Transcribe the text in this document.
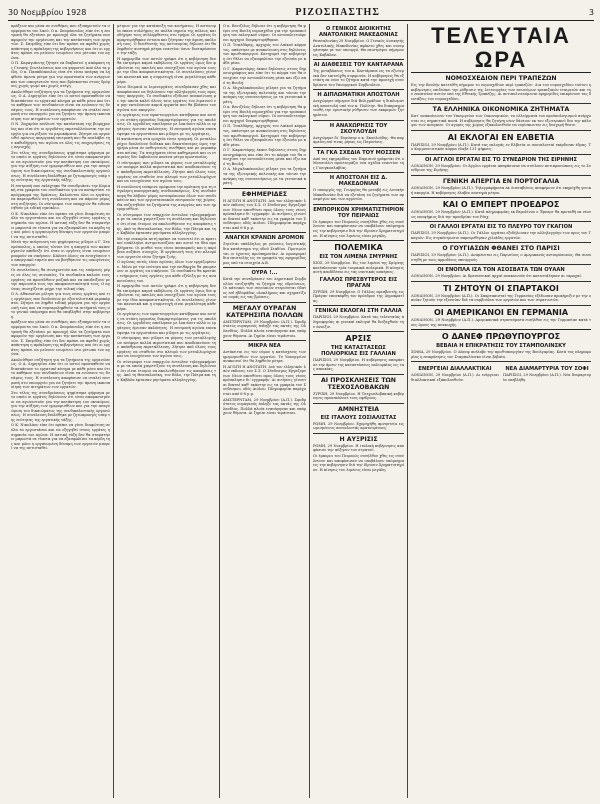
30 Νοεμβρίου 1928	ΡΙΖΟΣΠΑΣΤΗΣ	3

πράξεων και μέσα σε συνθήκες που εξυπηρετούν τα συμφέροντα του λαού. Ο κ. Σπυρόπουλος είπε ότι η επιτροπή θα εξετάσει με προσοχή όλα τα ζητήματα που αφορούν την οργάνωση και την κατάσταση των εργατών. Σ. Σπυρίδης είπε ότι δεν πρέπει να αφεθεί χωρίς απάντηση η πρόκληση της κυβερνήσεως και ότι οι εργάτες πρέπει να μείνουν ενωμένοι στο μέτωπο του αγώνα.

Ο Π. Καραγιάννης ζήτησε να διαβαστεί η απόφαση της Γενικής Συνελεύσεως και να ψηφιστεί από όλα τα μέλη. Ο κ. Παπαδόπουλος είπε ότι είναι ανάγκη να ληφθούν άμεσα μέτρα για την προστασία των ανέργων και των οικογενειών τους που βρίσκονται στους δρόμους χωρίς ψωμί και χωρίς στέγη.

Ακολούθησε συζήτηση για τα ζητήματα της οργανώσεως. Ο Α. Δημητρίου είπε ότι οι αστοί προσπαθούν να διασπάσουν το εργατικό κίνημα με κάθε μέσο και ότι το καθήκον των συνδικάτων είναι να ενώσουν τις δυνάμεις τους. Η συνέλευση αποφάσισε να σταλεί επιτροπή στο υπουργείο για να ζητήσει την άμεση ικανοποίηση των αιτημάτων των εργατών.

Ο Ν. Ζαχαρίου ανέλυσε την κατάσταση της βιομηχανίας και είπε ότι οι εργοδότες εκμεταλλεύονται την ανεργία για να ρίξουν τα μεροκάματα. Ζήτησε να οργανωθεί αμέσως απεργιακή επιτροπή που θα αναλάβει την καθοδήγηση του αγώνα σε όλες τις επιχειρήσεις της περιοχής.

Στο τέλος της συνεδριάσεως ψηφίστηκε ψήφισμα με το οποίο οι εργάτες δηλώνουν ότι είναι αποφασισμένοι να αγωνιστούν για την κατάκτηση του οκταώρου, για την αύξηση των ημερομισθίων και για την αναγνώριση του δικαιώματος της συνδικαλιστικής οργανώσεως. Η συνέλευση διαλύθηκε με ζητωκραυγές υπέρ της ενότητας της εργατικής τάξης.

Η επιτροπή που εκλέχτηκε θα συνεδριάσει την Κυριακή στα γραφεία του συνδικάτου για να καταρτίσει το πρόγραμμα της δράσεως. Καλούνται όλοι οι εργάτες να παρευρεθούν στη συνέλευση και να πάρουν μέρος στη συζήτηση. Οι σύντροφοι των επαρχιών θα ειδοποιηθούν με ειδική εγκύκλιο.

Ο Κ. Νικολάου είπε ότι πρέπει να γίνει διαφώτιση σε όλα τα εργοστάσια και να εξηγηθεί στους εργάτες η σημασία του αγώνα. Η αστική τάξη δεν θα σταματήσει μπροστά σε τίποτα για να εξασφαλίσει τα κέρδη της και μόνο η οργανωμένη δύναμη των εργατών μπορεί να της αντισταθεί.

Μετά την ανάγνωση του ψηφίσματος μίλησε ο Γ. Σταυρόπουλος, ο οποίος τόνισε ότι η απεργία των καπνεργατών απέδειξε ότι όταν οι εργάτες είναι ενωμένοι μπορούν να νικήσουν. Κάλεσε όλους να ενισχύσουν το απεργιακό ταμείο και να βοηθήσουν τις οικογένειες των απεργών.

Οι συνελεύσεις θα συνεχιστούν και τις επόμενες μέρες σε όλες τις συνοικίες. Τα συνδικάτα καλούν τους εργάτες να προσέλθουν μαζικά και να αποδείξουν με την παρουσία τους την αποφασιστικότητά τους. Ο αγώνας συνεχίζεται μέχρι την τελική νίκη.

Ο Δ. Αθανασίου μίλησε για τους νέους εργάτες και τις εργάτριες που δουλεύουν με εξευτελιστικά μεροκάματα. Ζήτησε να ληφθεί ειδική μέριμνα για την οργάνωσή τους και να συμπεριληφθούν τα αιτήματά τους στο γενικό υπόμνημα που θα υποβληθεί στην κυβέρνηση.

πράξεων και μέσα σε συνθήκες που εξυπηρετούν τα συμφέροντα του λαού. Ο κ. Σπυρόπουλος είπε ότι η επιτροπή θα εξετάσει με προσοχή όλα τα ζητήματα που αφορούν την οργάνωση και την κατάσταση των εργατών. Σ. Σπυρίδης είπε ότι δεν πρέπει να αφεθεί χωρίς απάντηση η πρόκληση της κυβερνήσεως και ότι οι εργάτες πρέπει να μείνουν ενωμένοι στο μέτωπο του αγώνα.

Ακολούθησε συζήτηση για τα ζητήματα της οργανώσεως. Ο Α. Δημητρίου είπε ότι οι αστοί προσπαθούν να διασπάσουν το εργατικό κίνημα με κάθε μέσο και ότι το καθήκον των συνδικάτων είναι να ενώσουν τις δυνάμεις τους. Η συνέλευση αποφάσισε να σταλεί επιτροπή στο υπουργείο για να ζητήσει την άμεση ικανοποίηση των αιτημάτων των εργατών.

Στο τέλος της συνεδριάσεως ψηφίστηκε ψήφισμα με το οποίο οι εργάτες δηλώνουν ότι είναι αποφασισμένοι να αγωνιστούν για την κατάκτηση του οκταώρου, για την αύξηση των ημερομισθίων και για την αναγνώριση του δικαιώματος της συνδικαλιστικής οργανώσεως. Η συνέλευση διαλύθηκε με ζητωκραυγές υπέρ της ενότητας της εργατικής τάξης.

Ο Κ. Νικολάου είπε ότι πρέπει να γίνει διαφώτιση σε όλα τα εργοστάσια και να εξηγηθεί στους εργάτες η σημασία του αγώνα. Η αστική τάξη δεν θα σταματήσει μπροστά σε τίποτα για να εξασφαλίσει τα κέρδη της και μόνο η οργανωμένη δύναμη των εργατών μπορεί να της αντισταθεί.

μέτρων για την κατάπνιξη του κινήματος. Η αστυνομία έκανε συλλήψεις σε πολλά σημεία της πόλεως και οδήγησε τους συλληφθέντες στο τμήμα. Οι εργάτες διαμαρτυρήθηκαν έντονα και ζήτησαν την άμεση απόλυσή τους. Ο διευθυντής της αστυνομίας δήλωσε ότι θα ληφθούν αυστηρά μέτρα εναντίον όσων διαταράσσουν την τάξη.

Η εφημερίδα των αστών γράφει ότι η κυβέρνηση δεν θα επιτρέψει καμιά εκδήλωση. Οι εργάτες όμως δεν φοβούνται τις απειλές και συνεχίζουν τον αγώνα τους με την ίδια αποφασιστικότητα. Οι συνελεύσεις γίνονται κανονικά και η συμμετοχή είναι μεγαλύτερη κάθε μέρα.

Στον Πειραιά οι λιμενεργάτες συνεδρίασαν χθες και αποφάσισαν να δηλώσουν την αλληλεγγύη τους προς τους απεργούς. Το συνδικάτο εξέδωσε ανακοίνωση με την οποία καλεί όλους τους εργάτες του λιμανιού να μην εκτελέσουν καμιά εργασία που θα βλάπτει τον αγώνα των απεργών.

Οι εργάτριες των υφαντουργείων κατέβηκαν και αυτές σε στάση εργασίας διαμαρτυρόμενες για τις απολύσεις. Οι εργοδότες απείλησαν με λοκ-άουτ αλλά οι εργάτριες έμειναν ακλόνητες. Η επιτροπή αγώνα επισκέφτηκε τα εργοστάσια και μίλησε με τις εργάτριες.

Η κατάσταση στα ορυχεία είναι τραγική. Οι μεταλλωρύχοι δουλεύουν δώδεκα και δεκατέσσερες ώρες την ημέρα μέσα σε ανθυγιεινές συνθήκες και με μεροκάματα πείνας. Τα ατυχήματα είναι καθημερινά και οι εταιρείες δεν λαβαίνουν κανένα μέτρο προστασίας.

Ο σύντροφος που μίλησε εκ μέρους των μεταλλωρύχων ανέφερε πολλά περιστατικά που αποδεικνύουν την απάνθρωπη εκμετάλλευση. Ζήτησε από όλους τους εργάτες να σταθούν στο πλευρό των μεταλλωρύχων και να ενισχύσουν τον αγώνα τους.

Η συνέλευση ενέκρινε ομόφωνα την πρόταση για τη σύγκληση πανεργατικής συνδιασκέψεως. Στη συνδιάσκεψη θα λάβουν μέρος αντιπρόσωποι όλων των συνδικάτων και των εργοστασιακών επιτροπών της χώρας. Θα συζητηθούν τα ζητήματα της ανεργίας και των ημερομισθίων.

Οι σύντροφοι των επαρχιών έστειλαν τηλεγραφήματα με τα οποία χαιρετίζουν τη συνέλευση και δηλώνουν ότι είναι έτοιμοι να ακολουθήσουν τις αποφάσεις της. Από τη Θεσσαλονίκη, τον Βόλο, την Πάτρα και την Καβάλα έφτασαν μηνύματα αλληλεγγύης.

Με την ευκαιρία αυτή πρέπει να τονιστεί ότι οι κρατικοί υπάλληλοι αντιμετωπίζουν και αυτοί τα ίδια προβλήματα. Οι μισθοί τους είναι ανεπαρκείς και η ακρίβεια αυξάνει συνεχώς. Η οργάνωσή τους στο πλευρό των εργατών είναι ζήτημα ζωής.

Ο αγώνας αυτός είναι αγώνας όλων των εργαζομένων. Μόνο με την ενότητα και την πειθαρχία θα μπορέσουν οι εργάτες να νικήσουν. Το συνδικάτο θα κρατάει ενήμερους τους εργάτες για κάθε εξέλιξη με τις ανακοινώσεις του.

Η εφημερίδα των αστών γράφει ότι η κυβέρνηση δεν θα επιτρέψει καμιά εκδήλωση. Οι εργάτες όμως δεν φοβούνται τις απειλές και συνεχίζουν τον αγώνα τους με την ίδια αποφασιστικότητα. Οι συνελεύσεις γίνονται κανονικά και η συμμετοχή είναι μεγαλύτερη κάθε μέρα.

Οι εργάτριες των υφαντουργείων κατέβηκαν και αυτές σε στάση εργασίας διαμαρτυρόμενες για τις απολύσεις. Οι εργοδότες απείλησαν με λοκ-άουτ αλλά οι εργάτριες έμειναν ακλόνητες. Η επιτροπή αγώνα επισκέφτηκε τα εργοστάσια και μίλησε με τις εργάτριες.

Ο σύντροφος που μίλησε εκ μέρους των μεταλλωρύχων ανέφερε πολλά περιστατικά που αποδεικνύουν την απάνθρωπη εκμετάλλευση. Ζήτησε από όλους τους εργάτες να σταθούν στο πλευρό των μεταλλωρύχων και να ενισχύσουν τον αγώνα τους.

Οι σύντροφοι των επαρχιών έστειλαν τηλεγραφήματα με τα οποία χαιρετίζουν τη συνέλευση και δηλώνουν ότι είναι έτοιμοι να ακολουθήσουν τις αποφάσεις της. Από τη Θεσσαλονίκη, τον Βόλο, την Πάτρα και την Καβάλα έφτασαν μηνύματα αλληλεγγύης.

Ο κ. Βενιζέλος δήλωσε ότι η κυβέρνηση θα φέρει στη Βουλή νομοσχέδιο για την τροποποίηση του εκλογικού νόμου. Οι αντιπολιτευόμενοι αρχηγοί διαμαρτυρήθηκαν.

Ο Π. Τσαλδάρης, αρχηγός του Λαϊκού κόμματος, απάντησε με ανακοίνωση στις δηλώσεις του πρωθυπουργού. Κατηγορεί την κυβέρνηση ότι θέλει να εξασφαλίσει την εξουσία με κάθε μέσο.

Ο Γ. Καφαντάρης έκανε δηλώσεις στους δημοσιογράφους και είπε ότι το κόμμα του θα συνεχίσει την αντιπολίτευση μέσα και έξω από τη Βουλή.

Ο Α. Μιχαλακόπουλος μίλησε για τα ζητήματα της εξωτερικής πολιτικής και τόνισε την ανάγκη της συνεννοήσεως με τα γειτονικά κράτη.

Ο κ. Βενιζέλος δήλωσε ότι η κυβέρνηση θα φέρει στη Βουλή νομοσχέδιο για την τροποποίηση του εκλογικού νόμου. Οι αντιπολιτευόμενοι αρχηγοί διαμαρτυρήθηκαν.

Ο Π. Τσαλδάρης, αρχηγός του Λαϊκού κόμματος, απάντησε με ανακοίνωση στις δηλώσεις του πρωθυπουργού. Κατηγορεί την κυβέρνηση ότι θέλει να εξασφαλίσει την εξουσία με κάθε μέσο.

Ο Γ. Καφαντάρης έκανε δηλώσεις στους δημοσιογράφους και είπε ότι το κόμμα του θα συνεχίσει την αντιπολίτευση μέσα και έξω από τη Βουλή.

Ο Α. Μιχαλακόπουλος μίλησε για τα ζητήματα της εξωτερικής πολιτικής και τόνισε την ανάγκη της συνεννοήσεως με τα γειτονικά κράτη.

ΕΦΗΜΕΡΙΔΕΣ

Η ΑΓΩΓΗ Η ΑΝΟΤΑΤΗ. Διά τον ελληνικόν λαόν έκδοσις του Σ.Σ. Ο Σύνδεσμος Εργαζομένων Νέων απευθύνει προς όλους τους νέους πρόσκλησιν δι' εγγραφήν. Αι αιτήσεις γίνονται δεκταί καθ' εκάστην εις τα γραφεία του Συνδέσμου, οδός Αιόλου. Πληροφορίαι παρέχονται από 6-8 μ.μ.

ΑΝΑΓΚΗ ΚΡΑΝΩΝ ΔΡΟΜΟΝ

Ζητείται υπάλληλος με γνώσεις λογιστικής δια κατάστημα της οδού Σταδίου. Προτιμώνται οι έχοντες προϋπηρεσίαν. Αι προσφοραί δια επιστολής εις τα γραφεία της εφημερίδος μας υπό τα στοιχεία Α.Β.

ΟΥΡΑ !...

Κατά την συνεδρίασιν του Δημοτικού Συμβουλίου εσυζητήθη το ζήτημα της υδρεύσεως. Οι κάτοικοι των συνοικιών στερούνται ύδατος επί εβδομάδας ολοκλήρους και σχηματίζουν ουράς εις τας βρύσεις.

ΜΕΓΑΛΥ ΟΥΡΑΓΑΝ ΚΑΤΕΡΗΣΙΠΑ ΠΟΛΛΩΝ

ΑΜΣΤΕΡΝΤΑΜ, 29 Νοεμβρίου (Α.Π.). Σφοδρότατος ουραγανός έπληξε τας ακτάς της Ολλανδίας. Πολλά πλοία εναυάγησαν και υπάρχουν θύματα. Αι ζημίαι είναι τεράστιαι.

ΜΙΚΡΑ ΝΕΑ

Αντίκειται εις τον νόμον η κατάσχεσις των ημερομισθίων των εργατών. Το Υπουργείον ανακοινοί ότι θα ληφθούν μέτρα.

Η ΑΓΩΓΗ Η ΑΝΟΤΑΤΗ. Διά τον ελληνικόν λαόν έκδοσις του Σ.Σ. Ο Σύνδεσμος Εργαζομένων Νέων απευθύνει προς όλους τους νέους πρόσκλησιν δι' εγγραφήν. Αι αιτήσεις γίνονται δεκταί καθ' εκάστην εις τα γραφεία του Συνδέσμου, οδός Αιόλου. Πληροφορίαι παρέχονται από 6-8 μ.μ.

ΑΜΣΤΕΡΝΤΑΜ, 29 Νοεμβρίου (Α.Π.). Σφοδρότατος ουραγανός έπληξε τας ακτάς της Ολλανδίας. Πολλά πλοία εναυάγησαν και υπάρχουν θύματα. Αι ζημίαι είναι τεράστιαι.

Ο ΓΕΝΙΚΟΣ ΔΙΟΙΚΗΤΗΣ ΑΝΑΤΟΛΙΚΗΣ ΜΑΚΕΔΟΝΙΑΣ

Θεσσαλονίκη 29 Νοεμβρίου. Ο Γενικός Διοικητής Ανατολικής Μακεδονίας αφίκετο χθες και συνεργάστηκε με τον υπουργό. Θα επιστρέψει σήμερον εις Καβάλαν.

ΑΙ ΔΙΑΘΕΣΕΙΣ ΤΟΥ ΚΑΝΤΑΡΑΝΑ

Της μεταβάσεως του κ. Καντάρανα εις τα εξωτερικά δεν επιτεύχθη συμφωνία. Η κυβέρνησις θα εξετάση εκ νέου το ζήτημα κατά την προσεχή συνεδρίασιν του Υπουργικού Συμβουλίου.

Η ΔΙΠΛΩΜΑΤΙΚΗ ΑΠΟΣΤΟΛΗ

Ανεχώρησε σήμερον διά Βελιγράδιον η διπλωματική αποστολή υπό τον κ. Πολίτην. Θα διαπραγματευθή την οριστικήν ρύθμισιν των εκκρεμών ζητημάτων.

Η ΑΝΑΧΩΡΗΣΙΣ ΤΟΥ ΣΚΟΥΛΟΥΔΗ

Ανεχώρησε δι' Ευρώπην ο κ. Σκουλούδης. Θα παραμείνη επί τινας μήνας εις Παρισίους.

ΤΑ ΓΚΑ ΣΧΕΔΙΑ ΤΟΥ ΜΟΣΣΕΝ

Από τας εφημερίδας του Παρισιού γράφεται ότι ο Μουσολίνι προετοιμάζει νέα σχέδια εναντίον της Γιουγκοσλαβίας.

Η ΑΠΟΣΤΟΛΗ ΕΙΣ Δ. ΜΑΚΕΔΟΝΙΑΝ

Ο υπουργός της Γεωργίας θα μεταβή εις Δυτικήν Μακεδονίαν διά να εξετάση τα ζητήματα των προσφύγων και των αγροτών.

ΕΜΠΟΡΙΚΟΝ ΧΡΗΜΑΤΙΣΤΗΡΙΟΝ ΤΟΥ ΠΕΙΡΑΙΩΣ

Οι έμποροι του Πειραιώς συνήλθον χθες εις συνέλευσιν και απεφάσισαν να υποβάλουν υπόμνημα εις την κυβέρνησιν διά την ίδρυσιν Χρηματιστηρίου. Η κίνησις του λιμένος είναι μεγάλη.

ΠΟΛΕΜΙΚΑ
ΕΙΣ ΤΟΝ ΛΙΜΕΝΑ ΣΜΥΡΝΗΣ

ΧΙΟΣ, 29 Νοεμβρίου. Εις τον λιμένα της Σμύρνης κατέπλευσαν τρία τουρκικά πολεμικά. Η κίνησις αυτή αποδίδεται εις τας ναυτικάς ασκήσεις.

ΓΑΛΛΟΣ ΠΡΕΣΒΥΤΕΡΟΣ ΕΙΣ ΠΡΑΓΑΝ

ΖΥΡΙΧΗ, 29 Νοεμβρίου. Ο Γάλλος πρεσβευτής εις Πράγαν επεσκέφθη τον πρόεδρον της Δημοκρατίας.

ΓΕΝΙΚΑΙ ΕΚΛΟΓΑΙ ΣΤΗ ΓΑΛΛΙΑ

ΠΑΡΙΣΙΟΙ, 29 Νοεμβρίου. Κατά τας τελευταίας πληροφορίας αι γενικαί εκλογαί θα διεξαχθούν την άνοιξιν.

ΑΡΣΙΣ
ΤΗΣ ΚΑΤΑΣΤΑΣΕΩΣ ΠΟΛΙΟΡΚΙΑΣ ΕΙΣ ΓΑΛΛΙΑΝ

ΠΑΡΙΣΙΟΙ, 29 Νοεμβρίου. Η κυβέρνησις απεφάσισε την άρσιν της καταστάσεως πολιορκίας εις τας αποικίας.

ΑΙ ΠΡΟΣΚΛΗΣΕΙΣ ΤΩΝ ΤΣΕΧΟΣΛΟΒΑΚΩΝ

ΖΥΡΙΧΗ, 29 Νοεμβρίου. Η Τσεχοσλοβακική κυβέρνησις προσεκάλεσε τους εφέδρους.

ΑΜΝΗΣΤΕΙΑ
ΕΙΣ ΙΤΑΛΟΥΣ ΣΟΣΙΑΛΙΣΤΑΣ

ΡΩΜΗ, 29 Νοεμβρίου. Εχορηγήθη αμνηστεία εις ωρισμένους σοσιαλιστάς κρατουμένους.

Η ΑΥΞΡΙΣΙΣ

ΡΩΜΗ, 29 Νοεμβρίου. Η ιταλική κυβέρνησις αποφάσισε την αύξησιν του στρατού.

Οι έμποροι του Πειραιώς συνήλθον χθες εις συνέλευσιν και απεφάσισαν να υποβάλουν υπόμνημα εις την κυβέρνησιν διά την ίδρυσιν Χρηματιστηρίου. Η κίνησις του λιμένος είναι μεγάλη.

ΤΕΛΕΥΤΑΙΑ ΩΡΑ
ΝΟΜΟΣΧΕΔΙΟΝ ΠΕΡΙ ΤΡΑΠΕΖΩΝ

Εις την Βουλήν κατετέθη σήμερον το νομοσχέδιον περί τραπεζών. Δια του νομοσχεδίου τούτου η κυβέρνησις επιδιώκει την ρύθμισιν της λειτουργίας των ανωνύμων τραπεζικών εταιρειών και την εποπτείαν αυτών υπό της Εθνικής Τραπέζης. Αι αντιπολιτευόμεναι εφημερίδες επικρίνουν τας διατάξεις του νομοσχεδίου.

ΤΑ ΕΛΛΗΝΙΚΑ ΟΙΚΟΝΟΜΙΚΑ ΖΗΤΗΜΑΤΑ

Κατ' ανακοίνωσιν του Υπουργείου των Οικονομικών, τα ελλείμματα του προϋπολογισμού ανέρχονται εις σημαντικά ποσά. Η κυβέρνησις θα ζητήση νέον δάνειον εκ του εξωτερικού δια την κάλυψιν των αναγκών. Οι αγορές της χώρας εξακολουθούν να ευρίσκωνται εις δυσχερή θέσιν.

ΑΙ ΕΚΛΟΓΑΙ ΕΝ ΕΛΒΕΤΙΑ

ΠΑΡΙΣΙΟΙ, 29 Νοεμβρίου (Α.Π.). Κατά τας εκλογάς εν Ελβετία οι σοσιαλισταί εκέρδισαν έδρας. Το Κομμουνιστικόν κόμμα έλαβε 131 ψήφους.

ΟΙ ΑΓΓΛΟΙ ΕΡΓΑΤΑΙ ΕΙΣ ΤΟ ΣΥΝΕΔΡΙΟΝ ΤΗΣ ΕΙΡΗΝΗΣ

ΛΟΝΔΙΝΟΝ, 29 Νοεμβρίου. Οι Άγγλοι εργάται απεφάσισαν να στείλουν αντιπροσώπους εις το Συνέδριον της Ειρήνης.

ΓΕΝΙΚΗ ΑΠΕΡΓΙΑ ΕΝ ΠΟΡΤΟΓΑΛΙΑ

ΛΟΝΔΙΝΟΝ, 29 Νοεμβρίου (Α.Π.). Τηλεγραφήματα εκ Λισσαβώνος αναφέρουν ότι εκηρύχθη γενική απεργία. Η κυβέρνησις έλαβεν αυστηρά μέτρα.

ΚΑΙ Ο ΕΜΠΕΡΤ ΠΡΟΕΔΡΟΣ

ΛΟΝΔΙΝΟΝ, 29 Νοεμβρίου (Α.Π.). Κατά πληροφορίας εκ Βερολίνου ο Έμπερτ θα προταθή εκ νέου ως υποψήφιος διά την προεδρίαν του Ράιχ.

ΟΙ ΓΑΛΛΟΙ ΕΡΓΑΤΑΙ ΕΙΣ ΤΟ ΠΛΕΥΡΟ ΤΟΥ ΓΚΑΓΙΟΝ

ΠΑΡΙΣΙΟΙ, 29 Νοεμβρίου (Α.Π.). Οι Γάλλοι εργάται εξεδήλωσαν την αλληλεγγύην των προς τον Γκαγιόν. Εις συγκέντρωσιν παρευρέθησαν χιλιάδες εργατών.

Ο ΓΟΥΓΙΑΣΩΝ ΦΘΑΝΕΙ ΣΤΟ ΠΑΡΙΣΙ

ΠΑΡΙΣΙΟΙ, 29 Νοεμβρίου (Α.Π.). Αναμένεται εις Παρισίους ο Αμερικανός αντιπρόσωπος. Θα συναντηθή με τους αρμοδίους υπουργούς.

ΟΙ ΕΝΟΠΛΑ ΙΣΑ ΤΟΝ ΑΣΟΣΒΑΤΑ ΤΩΝ ΟΥΑΑΝ

ΛΟΝΔΙΝΟΝ, 29 Νοεμβρίου. Αι Βρεταννικαί αρχαί ανακοινούν ότι κατεστάλησαν αι ταραχαί.

ΤΙ ΖΗΤΟΥΝ ΟΙ ΣΠΑΡΤΑΚΟΙ

ΛΟΝΔΙΝΟΝ, 29 Νοεμβρίου (Α.Π.). Οι Σπαρτακισταί της Γερμανίας εξέδωσαν προκήρυξιν με την οποίαν ζητούν την εξουσίαν διά τα συμβούλια των εργατών και των στρατιωτών.

ΟΙ ΑΜΕΡΙΚΑΝΟΙ ΕΝ ΓΕΡΜΑΝΙΑ

ΛΟΝΔΙΝΟΝ, 29 Νοεμβρίου (Α.Π.). Αμερικανικά στρατεύματα εισήλθον εις την Γερμανίαν κατά τους όρους της ανακωχής.

Ο ΔΑΝΕΦ ΠΡΩΘΥΠΟΥΡΓΟΣ
ΒΕΒΑΙΑ Η ΕΠΙΚΡΑΤΗΣΙΣ ΤΟΥ ΣΤΑΜΠΟΛΙΝΣΚΥ

ΣΟΦΙΑ, 29 Νοεμβρίου. Ο Δάνεφ ανέλαβε την πρωθυπουργίαν της Βουλγαρίας. Κατά τας πληροφορίας η επικράτησις του Σταμπολίνσκυ είναι βεβαία.

ΕΝΕΡΓΕΙΑΙ ΔΙΑΛΛΑΚΤΙΚΑΙ

ΛΟΝΔΙΝΟΝ, 29 Νοεμβρίου (Α.Π.). Αι ενέργειαι διαλλακτικαί εξακολουθούν.

ΝΕΑ ΔΙΑΜΑΡΤΥΡΙΑ ΤΟΥ ΣΟΦΙ

ΠΑΡΙΣΙΟΙ, 29 Νοεμβρίου (Α.Π.). Νέα διαμαρτυρία υπεβλήθη.
